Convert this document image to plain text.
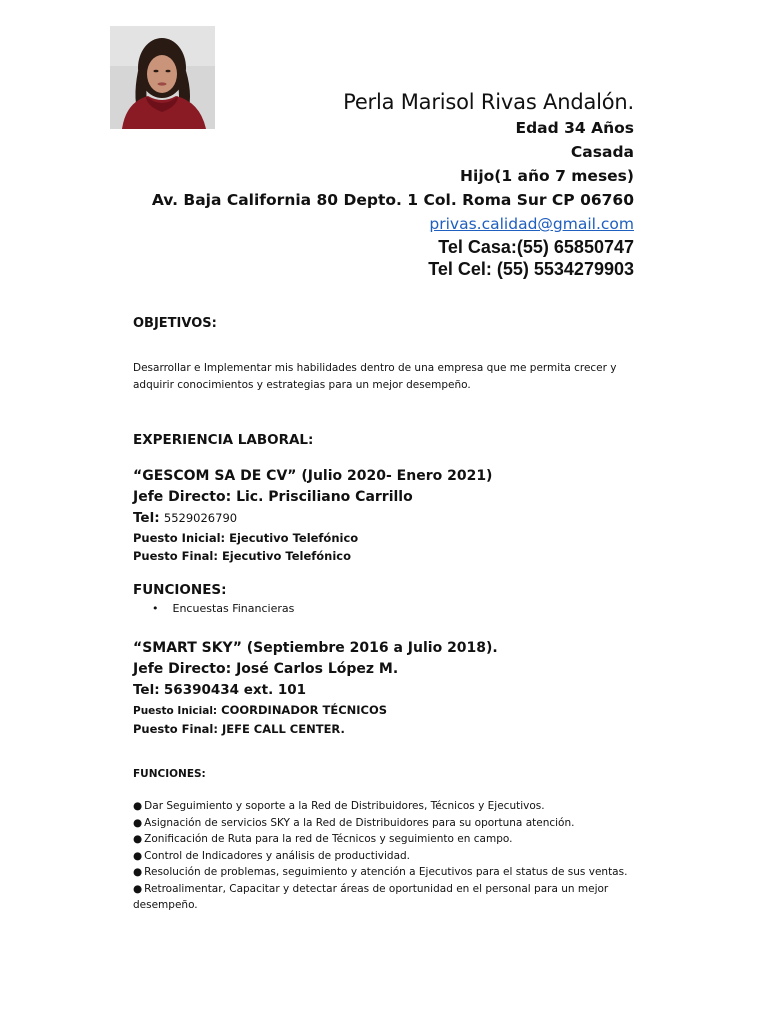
Perla Marisol Rivas Andalón.
Edad 34 Años
Casada
Hijo(1 año 7 meses)
Av. Baja California 80 Depto. 1 Col. Roma Sur CP 06760
privas.calidad@gmail.com
Tel Casa:(55) 65850747
Tel Cel: (55) 5534279903
OBJETIVOS:
Desarrollar e Implementar mis habilidades dentro de una empresa que me permita crecer y adquirir conocimientos y estrategias para un mejor desempeño.
EXPERIENCIA LABORAL:
“GESCOM SA DE CV” (Julio 2020- Enero 2021)
Jefe Directo: Lic. Prisciliano Carrillo
Tel: 5529026790
Puesto Inicial: Ejecutivo Telefónico
Puesto Final: Ejecutivo Telefónico
FUNCIONES:
• Encuestas Financieras
“SMART SKY” (Septiembre 2016 a Julio 2018).
Jefe Directo: José Carlos López M.
Tel: 56390434 ext. 101
Puesto Inicial: COORDINADOR TÉCNICOS
Puesto Final: JEFE CALL CENTER.
FUNCIONES:
● Dar Seguimiento y soporte a la Red de Distribuidores, Técnicos y Ejecutivos.
● Asignación de servicios SKY a la Red de Distribuidores para su oportuna atención.
● Zonificación de Ruta para la red de Técnicos y seguimiento en campo.
● Control de Indicadores y análisis de productividad.
● Resolución de problemas, seguimiento y atención a Ejecutivos para el status de sus ventas.
● Retroalimentar, Capacitar y detectar áreas de oportunidad en el personal para un mejor desempeño.
